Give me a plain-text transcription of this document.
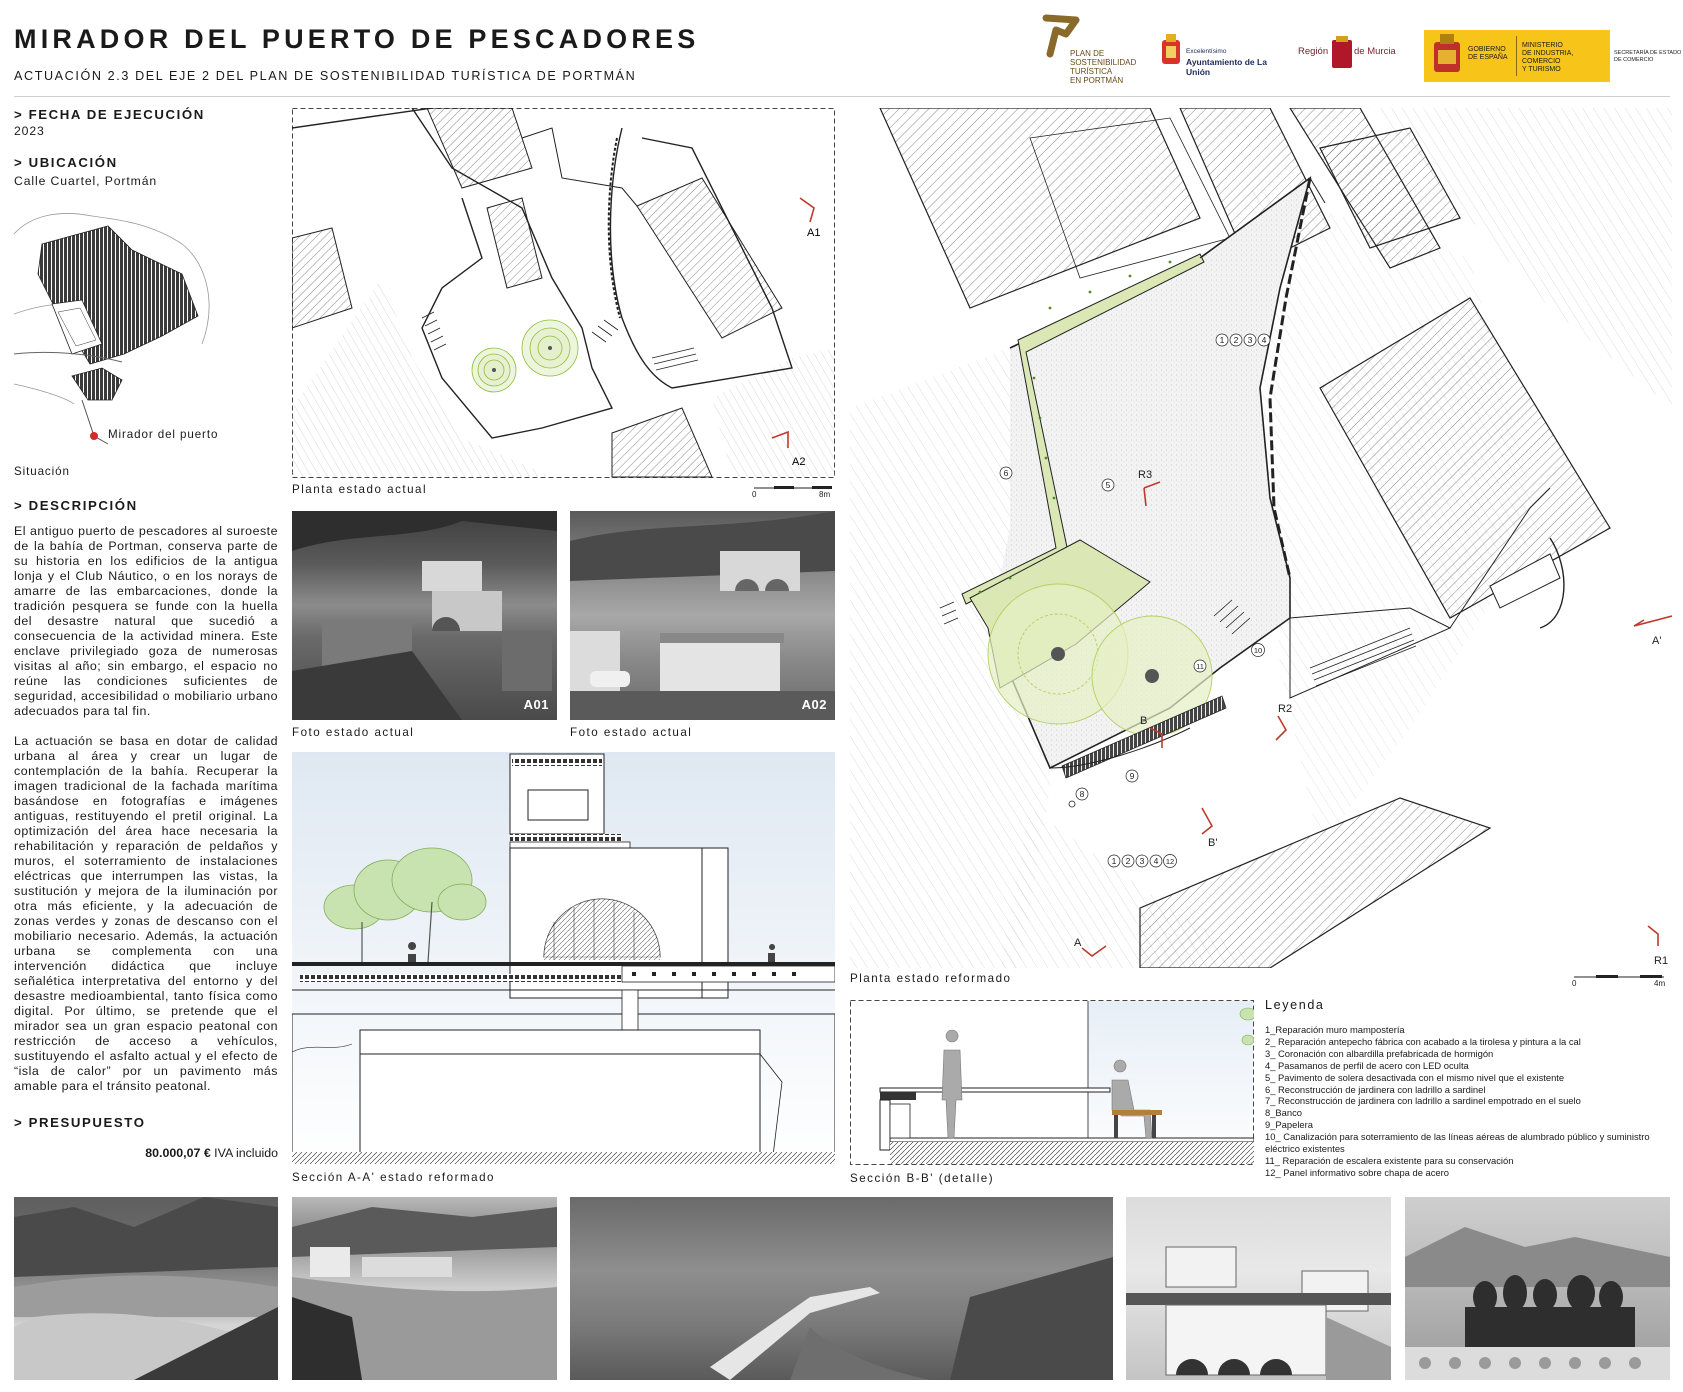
MIRADOR DEL PUERTO DE PESCADORES
ACTUACIÓN 2.3 DEL EJE 2 DEL PLAN DE SOSTENIBILIDAD TURÍSTICA DE PORTMÁN
PLAN DE
SOSTENIBILIDAD
TURÍSTICA
EN PORTMÁN
Excelentísimo
Ayuntamiento de La Unión
Región	de Murcia	GOBIERNO
DE ESPAÑA
MINISTERIO
DE INDUSTRIA, COMERCIO
Y TURISMO
SECRETARÍA DE ESTADO
DE COMERCIO
> FECHA DE EJECUCIÓN
2023
> UBICACIÓN
Calle Cuartel, Portmán
Mirador del puerto
Situación
> DESCRIPCIÓN

El antiguo puerto de pescadores al suroeste de la bahía de Portman, conserva parte de su historia en los edificios de la antigua lonja y el Club Náutico, o en los norays de amarre de las embarcaciones, donde la tradición pesquera se funde con la huella del desastre natural que sucedió a consecuencia de la actividad minera. Este enclave privilegiado goza de numerosas visitas al año; sin embargo, el espacio no reúne las condiciones suficientes de seguridad, accesibilidad o mobiliario urbano adecuados para tal fin.

La actuación se basa en dotar de calidad urbana al área y crear un lugar de contemplación de la bahía. Recuperar la imagen tradicional de la fachada marítima basándose en fotografías e imágenes antiguas, restituyendo el pretil original. La optimización del área hace necesaria la rehabilitación y reparación de peldaños y muros, el soterramiento de instalaciones eléctricas que interrumpen las vistas, la sustitución y mejora de la iluminación por otra más eficiente, y la adecuación de zonas verdes y zonas de descanso con el mobiliario necesario. Además, la actuación urbana se complementa con una intervención didáctica que incluye señalética interpretativa del entorno y del desastre medioambiental, tanto física como digital. Por último, se pretende que el mirador sea un gran espacio peatonal con restricción de acceso a vehículos, sustituyendo el asfalto actual y el efecto de “isla de calor” por un pavimento más amable para el tránsito peatonal.

> PRESUPUESTO
80.000,07 € IVA incluido
A1
A2
Planta estado actual	0	8m
A01
Foto estado actual
A02
Foto estado actual
Sección A-A' estado reformado
1 2 3 4
5
6
8
9
11
10
1 2 3 4 12
R3
R2
R1
A'
A
B
B'
Planta estado reformado	0	4m
Sección B-B' (detalle)
Leyenda
1_Reparación muro mampostería
2_ Reparación antepecho fábrica con acabado a la tirolesa y pintura a la cal
3_ Coronación con albardilla prefabricada de hormigón
4_ Pasamanos de perfil de acero con LED oculta
5_ Pavimento de solera desactivada con el mismo nivel que el existente
6_ Reconstrucción de jardinera con ladrillo a sardinel
7_ Reconstrucción de jardinera con ladrillo a sardinel empotrado en el suelo
8_Banco
9_Papelera
10_ Canalización para soterramiento de las líneas aéreas de alumbrado público y suministro eléctrico existentes
11_ Reparación de escalera existente para su conservación
12_ Panel informativo sobre chapa de acero
